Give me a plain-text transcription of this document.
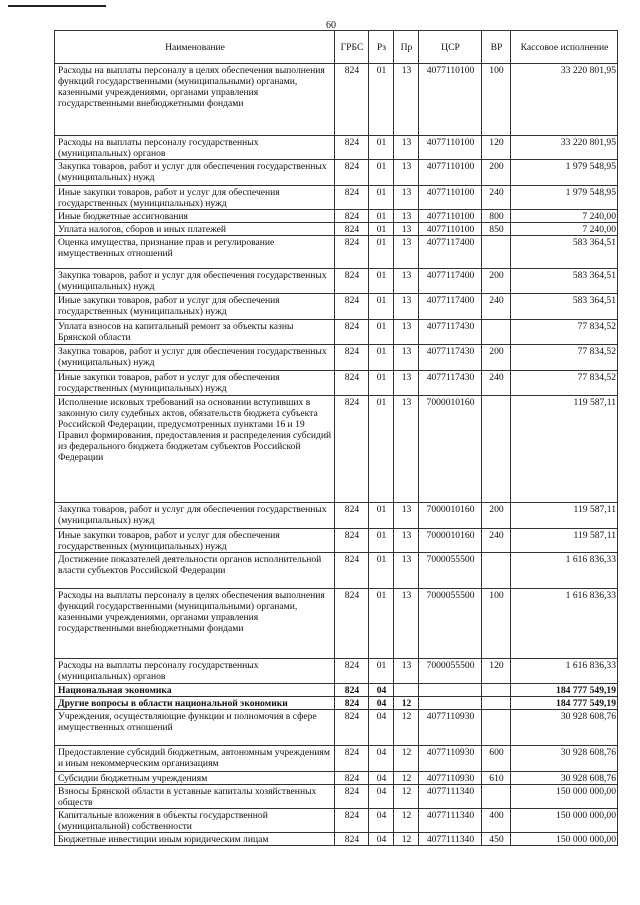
60
Наименование	ГРБС	Рз	Пр	ЦСР	ВР	Кассовое исполнение
Расходы на выплаты персоналу в целях обеспечения выполнения функций государственными (муниципальными) органами, казенными учреждениями, органами управления государственными внебюджетными фондами	824	01	13	4077110100	100	33 220 801,95
Расходы на выплаты персоналу государственных (муниципальных) органов	824	01	13	4077110100	120	33 220 801,95
Закупка товаров, работ и услуг для обеспечения государственных (муниципальных) нужд	824	01	13	4077110100	200	1 979 548,95
Иные закупки товаров, работ и услуг для обеспечения государственных (муниципальных) нужд	824	01	13	4077110100	240	1 979 548,95
Иные бюджетные ассигнования	824	01	13	4077110100	800	7 240,00
Уплата налогов, сборов и иных платежей	824	01	13	4077110100	850	7 240,00
Оценка имущества, признание прав и регулирование имущественных отношений	824	01	13	4077117400		583 364,51
Закупка товаров, работ и услуг для обеспечения государственных (муниципальных) нужд	824	01	13	4077117400	200	583 364,51
Иные закупки товаров, работ и услуг для обеспечения государственных (муниципальных) нужд	824	01	13	4077117400	240	583 364,51
Уплата взносов на капитальный ремонт за объекты казны Брянской области	824	01	13	4077117430		77 834,52
Закупка товаров, работ и услуг для обеспечения государственных (муниципальных) нужд	824	01	13	4077117430	200	77 834,52
Иные закупки товаров, работ и услуг для обеспечения государственных (муниципальных) нужд	824	01	13	4077117430	240	77 834,52
Исполнение исковых требований на основании вступивших в законную силу судебных актов, обязательств бюджета субъекта Российской Федерации, предусмотренных пунктами 16 и 19 Правил формирования, предоставления и распределения субсидий из федерального бюджета бюджетам субъектов Российской Федерации	824	01	13	7000010160		119 587,11
Закупка товаров, работ и услуг для обеспечения государственных (муниципальных) нужд	824	01	13	7000010160	200	119 587,11
Иные закупки товаров, работ и услуг для обеспечения государственных (муниципальных) нужд	824	01	13	7000010160	240	119 587,11
Достижение показателей деятельности органов исполнительной власти субъектов Российской Федерации	824	01	13	7000055500		1 616 836,33
Расходы на выплаты персоналу в целях обеспечения выполнения функций государственными (муниципальными) органами, казенными учреждениями, органами управления государственными внебюджетными фондами	824	01	13	7000055500	100	1 616 836,33
Расходы на выплаты персоналу государственных (муниципальных) органов	824	01	13	7000055500	120	1 616 836,33
Национальная экономика	824	04				184 777 549,19
Другие вопросы в области национальной экономики	824	04	12			184 777 549,19
Учреждения, осуществляющие функции и полномочия в сфере имущественных отношений	824	04	12	4077110930		30 928 608,76
Предоставление субсидий бюджетным, автономным учреждениям и иным некоммерческим организациям	824	04	12	4077110930	600	30 928 608,76
Субсидии бюджетным учреждениям	824	04	12	4077110930	610	30 928 608,76
Взносы Брянской области в уставные капиталы хозяйственных обществ	824	04	12	4077111340		150 000 000,00
Капитальные вложения в объекты государственной (муниципальной) собственности	824	04	12	4077111340	400	150 000 000,00
Бюджетные инвестиции иным юридическим лицам	824	04	12	4077111340	450	150 000 000,00
